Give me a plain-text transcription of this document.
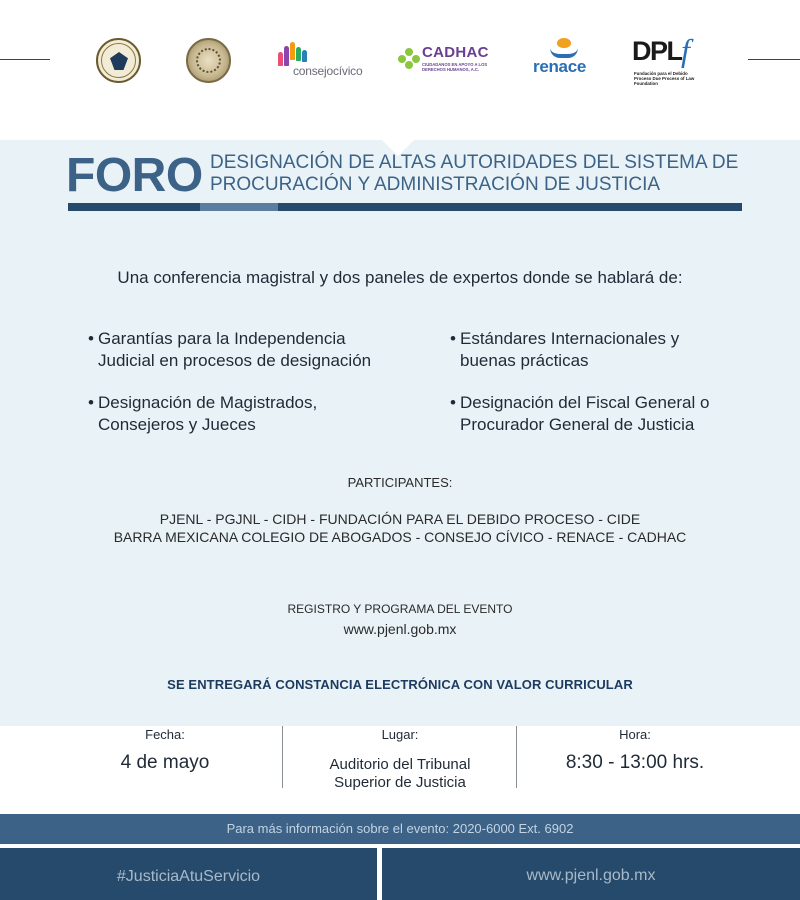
consejocívico
CADHAC
CIUDADANOS EN APOYO A LOS DERECHOS HUMANOS, A.C.	renace
DPL f
Fundación para el Debido Proceso Due Process of Law Foundation
FORO DESIGNACIÓN DE ALTAS AUTORIDADES DEL SISTEMA DE PROCURACIÓN Y ADMINISTRACIÓN DE JUSTICIA
Una conferencia magistral y dos paneles de expertos donde se hablará de:
• Garantías para la Independencia
Judicial en procesos de designación
• Estándares Internacionales y
buenas prácticas
• Designación de Magistrados,
Consejeros y Jueces
• Designación del Fiscal General o
Procurador General de Justicia
PARTICIPANTES:
PJENL - PGJNL - CIDH - FUNDACIÓN PARA EL DEBIDO PROCESO - CIDE
BARRA MEXICANA COLEGIO DE ABOGADOS - CONSEJO CÍVICO - RENACE - CADHAC
REGISTRO Y PROGRAMA DEL EVENTO
www.pjenl.gob.mx
SE ENTREGARÁ CONSTANCIA ELECTRÓNICA CON VALOR CURRICULAR
Fecha:
4 de mayo
Lugar:
Auditorio del Tribunal
Superior de Justicia
Hora:
8:30 - 13:00 hrs.
Para más información sobre el evento: 2020-6000 Ext. 6902
#JusticiaAtuServicio	www.pjenl.gob.mx
